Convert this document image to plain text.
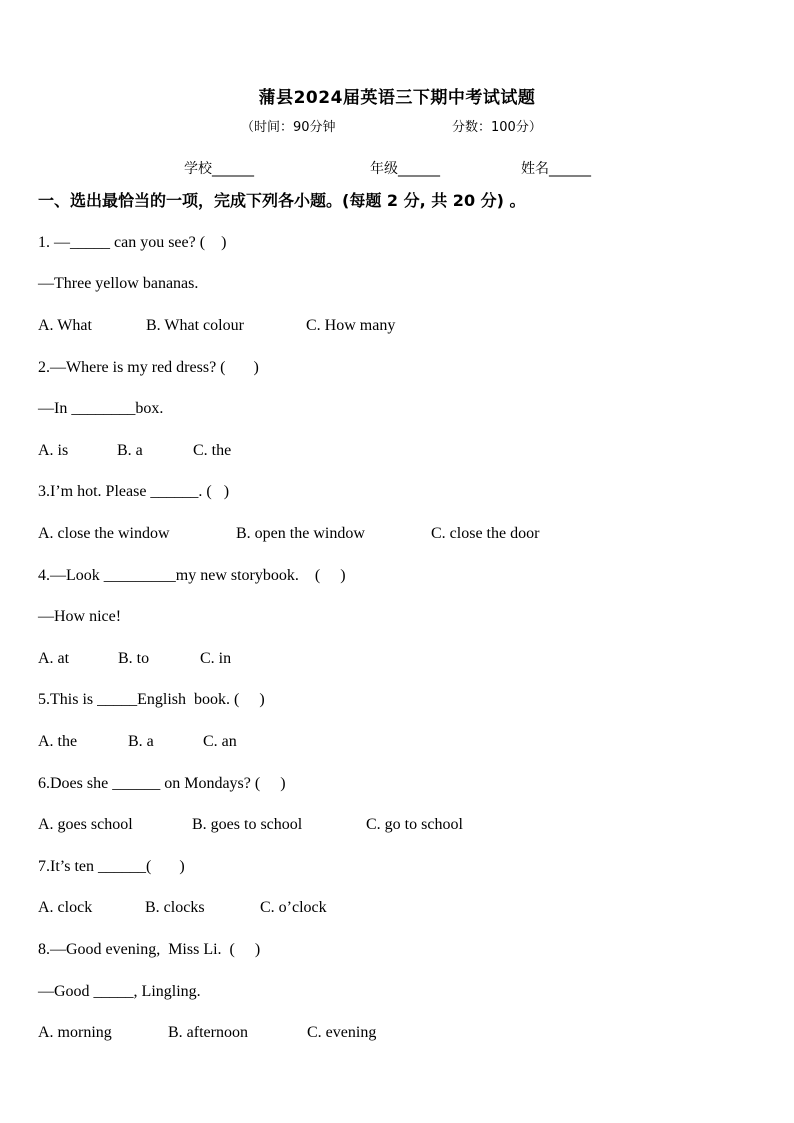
蒲县2024届英语三下期中考试试题
（时间：90分钟	分数：100分）
学校______	年级______	姓名______
一、选出最恰当的一项，完成下列各小题。(每题 2 分, 共 20 分) 。
1. —_____ can you see? (    )
—Three yellow bananas.
A. What	B. What colour	C. How many
2.—Where is my red dress? (       )
—In ________box.
A. is	B. a	C. the
3.I’m hot. Please ______. (   )
A. close the window	B. open the window	C. close the door
4.—Look _________my new storybook.    (     )
—How nice!
A. at	B. to	C. in
5.This is _____English  book. (     )
A. the	B. a	C. an
6.Does she ______ on Mondays? (     )
A. goes school	B. goes to school	C. go to school
7.It’s ten ______(       )
A. clock	B. clocks	C. o’clock
8.—Good evening,  Miss Li.  (     )
—Good _____, Lingling.
A. morning	B. afternoon	C. evening
